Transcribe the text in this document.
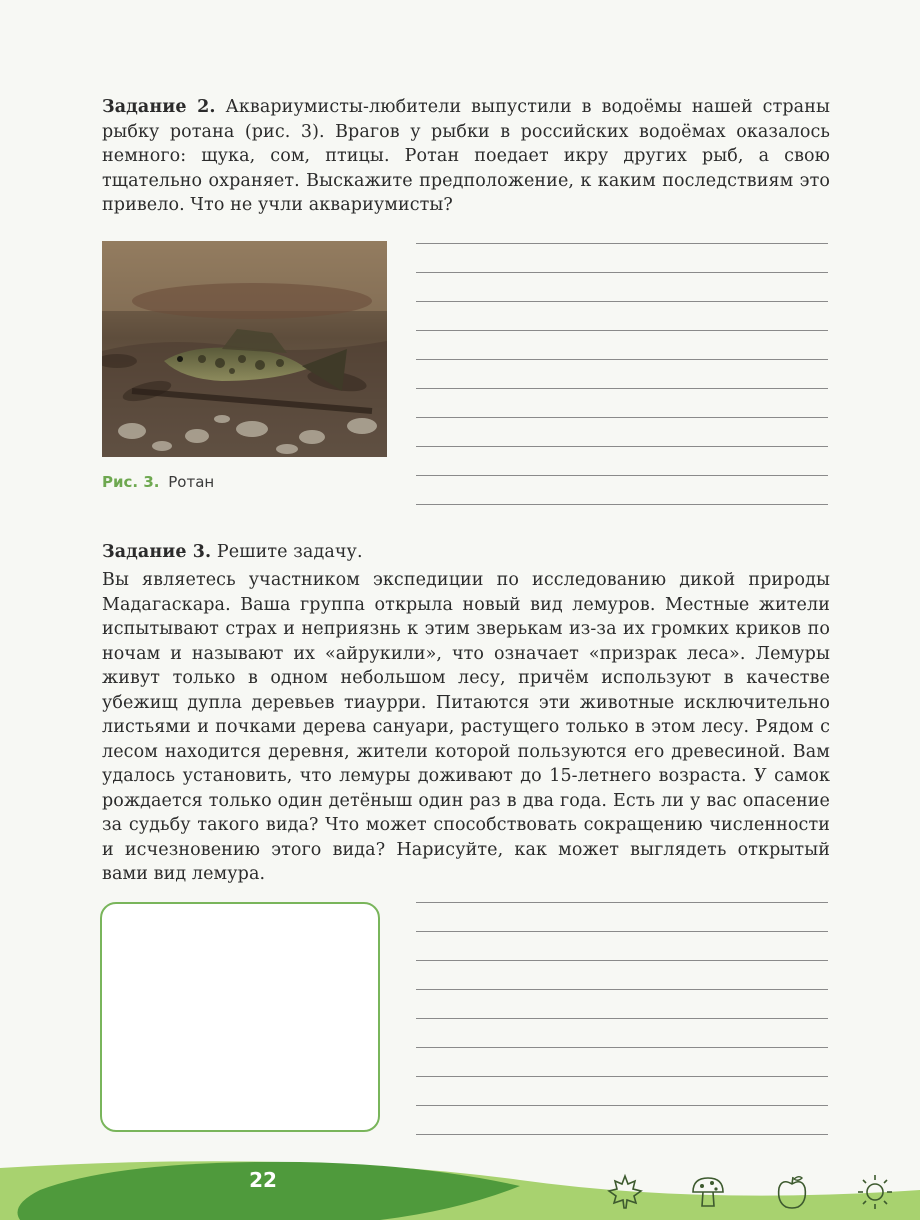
Задание 2. Аквариумисты-любители выпустили в водоёмы нашей страны рыбку ротана (рис. 3). Врагов у рыбки в российских водоёмах оказалось немного: щука, сом, птицы. Ротан поедает икру других рыб, а свою тщательно охраняет. Выскажите предположение, к каким последствиям это привело. Что не учли аквариумисты?
Рис. 3. Ротан
Задание 3. Решите задачу.
Вы являетесь участником экспедиции по исследованию дикой природы Мадагаскара. Ваша группа открыла новый вид лемуров. Местные жители испытывают страх и неприязнь к этим зверькам из-за их громких криков по ночам и называют их «айрукили», что означает «призрак леса». Лемуры живут только в одном небольшом лесу, причём используют в качестве убежищ дупла деревьев тиаурри. Питаются эти животные исключительно листьями и почками дерева сануари, растущего только в этом лесу. Рядом с лесом находится деревня, жители которой пользуются его древесиной. Вам удалось установить, что лемуры доживают до 15-летнего возраста. У самок рождается только один детёныш один раз в два года. Есть ли у вас опасение за судьбу такого вида? Что может способствовать сокращению численности и исчезновению этого вида? Нарисуйте, как может выглядеть открытый вами вид лемура.
22
